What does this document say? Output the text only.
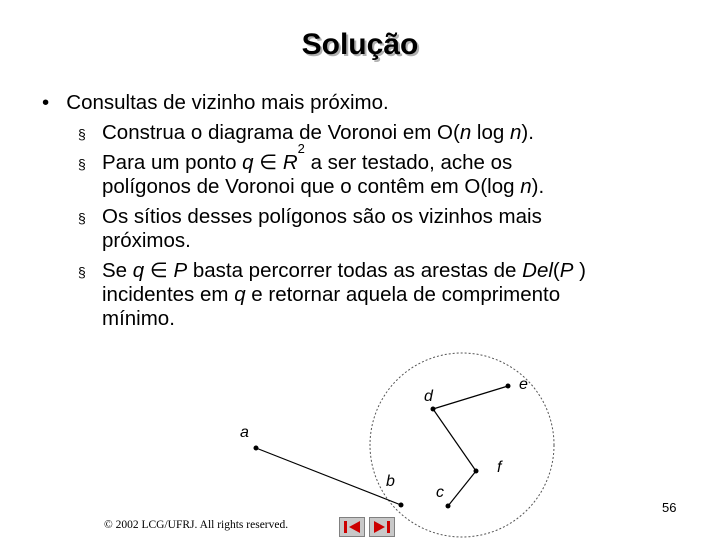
Solução
• Consultas de vizinho mais próximo.
§ Construa o diagrama de Voronoi em O(n log n).
§ Para um ponto q ∈ $R^2$ a ser testado, ache os
polígonos de Voronoi que o contêm em O(log n).
§ Os sítios desses polígonos são os vizinhos mais
próximos.
§ Se q ∈ P basta percorrer todas as arestas de Del(P )
incidentes em q e retornar aquela de comprimento
mínimo.
a
b
c
d
e
f
56
© 2002 LCG/UFRJ. All rights reserved.
